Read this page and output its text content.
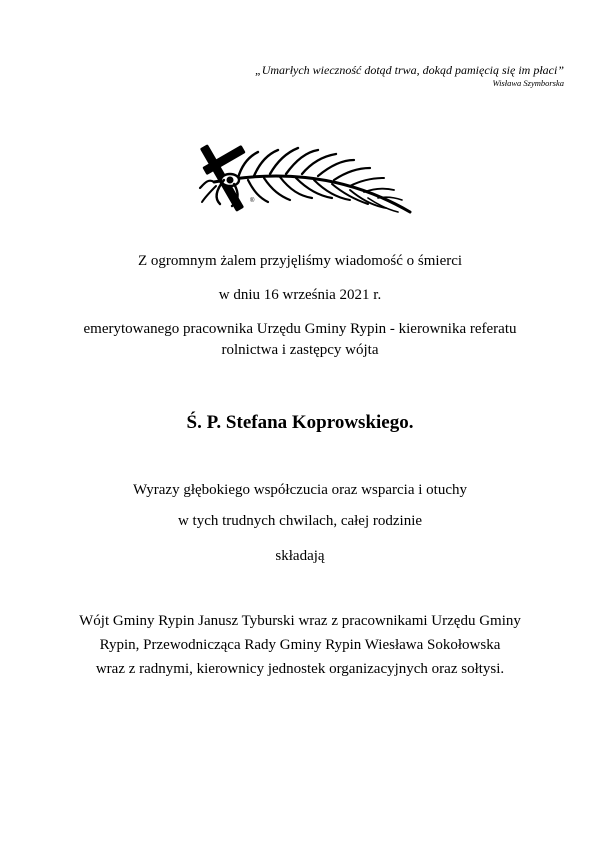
„Umarłych wieczność dotąd trwa, dokąd pamięcią się im płaci”
Wisława Szymborska
®
Z ogromnym żalem przyjęliśmy wiadomość o śmierci
w dniu 16 września 2021 r.
emerytowanego pracownika Urzędu Gminy Rypin - kierownika referatu
rolnictwa i zastępcy wójta
Ś. P. Stefana Koprowskiego.
Wyrazy głębokiego współczucia oraz wsparcia i otuchy
w tych trudnych chwilach, całej rodzinie
składają
Wójt Gminy Rypin Janusz Tyburski wraz z pracownikami Urzędu Gminy
Rypin, Przewodnicząca Rady Gminy Rypin Wiesława Sokołowska
wraz z radnymi, kierownicy jednostek organizacyjnych oraz sołtysi.
